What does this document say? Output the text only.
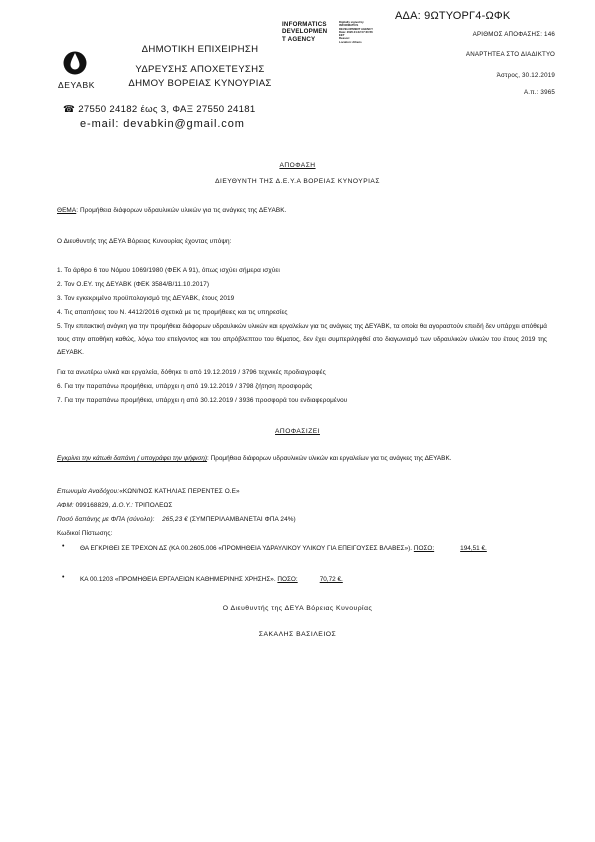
ΑΔΑ: 9ΩΤΥΟΡΓ4-ΩΦΚ
INFORMATICS
DEVELOPMEN
T AGENCY
Digitally signed by
INFORMATICS
DEVELOPMENT AGENCY
Date: 2020.01.02 07:30:56
EET
Reason:
Location: Athens
ΔΕΥΑΒΚ
ΔΗΜΟΤΙΚΗ ΕΠΙΧΕΙΡΗΣΗ
ΥΔΡΕΥΣΗΣ ΑΠΟΧΕΤΕΥΣΗΣ
ΔΗΜΟΥ ΒΟΡΕΙΑΣ ΚΥΝΟΥΡΙΑΣ
☎ 27550 24182 έως 3, ΦΑΞ 27550 24181
e-mail: devabkin@gmail.com
ΑΡΙΘΜΟΣ ΑΠΟΦΑΣΗΣ: 146
ΑΝΑΡΤΗΤΕΑ ΣΤΟ ΔΙΑΔΙΚΤΥΟ
Άστρος, 30.12.2019
Α.π.: 3965
ΑΠΟΦΑΣΗ
ΔΙΕΥΘΥΝΤΗ ΤΗΣ Δ.Ε.Υ.Α ΒΟΡΕΙΑΣ ΚΥΝΟΥΡΙΑΣ
ΘΕΜΑ: Προμήθεια διάφορων υδραυλικών υλικών για τις ανάγκες της ΔΕΥΑΒΚ.
Ο Διευθυντής της ΔΕΥΑ Βόρειας Κυνουρίας έχοντας υπόψη:
1. Το άρθρο 6 του Νόμου 1069/1980 (ΦΕΚ Α 91), όπως ισχύει σήμερα ισχύει
2. Τον Ο.ΕΥ. της ΔΕΥΑΒΚ (ΦΕΚ 3584/Β/11.10.2017)
3. Τον εγκεκριμένο προϋπολογισμό της ΔΕΥΑΒΚ, έτους 2019
4. Τις απαιτήσεις του Ν. 4412/2016 σχετικά με τις προμήθειες και τις υπηρεσίες
5. Την επιτακτική ανάγκη για την προμήθεια διάφορων υδραυλικών υλικών και εργαλείων για τις ανάγκες της ΔΕΥΑΒΚ, τα οποία θα αγοραστούν επειδή δεν υπάρχει απόθεμά τους στην αποθήκη καθώς, λόγω του επείγοντος και του απρόβλεπτου του θέματος, δεν έχει συμπεριληφθεί στο διαγωνισμό των υδραυλικών υλικών του έτους 2019 της ΔΕΥΑΒΚ.
Για τα ανωτέρω υλικά και εργαλεία, δόθηκε τι από 19.12.2019 / 3796 τεχνικές προδιαγραφές
6. Για την παραπάνω προμήθεια, υπάρχει η από 19.12.2019 / 3798 ζήτηση προσφοράς
7. Για την παραπάνω προμήθεια, υπάρχει η από 30.12.2019 / 3936 προσφορά του ενδιαφερομένου
ΑΠΟΦΑΣΙΖΕΙ
Εγκρίνει την κάτωθι δαπάνη ( υπογράφει την ψήφιση): Προμήθεια διάφορων υδραυλικών υλικών και εργαλείων για τις ανάγκες της ΔΕΥΑΒΚ.
Επωνυμία Αναδόχου:«ΚΩΝ/ΝΟΣ ΚΑΤΗΛΙΑΣ ΠΕΡΕΝΤΕΣ Ο.Ε»
ΑΦΜ: 099168829, Δ.Ο.Υ.: ΤΡΙΠΟΛΕΩΣ
Ποσό δαπάνης με ΦΠΑ (σύνολο): 265,23 € (ΣΥΜΠΕΡΙΛΑΜΒΑΝΕΤΑΙ ΦΠΑ 24%)
Κωδικοί Πίστωσης:
• ΘΑ ΕΓΚΡΙΘΕΙ ΣΕ ΤΡΕΧΟΝ ΔΣ (ΚΑ 00.2605.006 «ΠΡΟΜΗΘΕΙΑ ΥΔΡΑΥΛΙΚΟΥ ΥΛΙΚΟΥ ΓΙΑ ΕΠΕΙΓΟΥΣΕΣ ΒΛΑΒΕΣ»). ΠΟΣΟ:	194,51 €.
• ΚΑ 00.1203 «ΠΡΟΜΗΘΕΙΑ ΕΡΓΑΛΕΙΩΝ ΚΑΘΗΜΕΡΙΝΗΣ ΧΡΗΣΗΣ». ΠΟΣΟ:	70,72 €.
Ο Διευθυντής της ΔΕΥΑ Βόρειας Κυνουρίας
ΣΑΚΑΛΗΣ ΒΑΣΙΛΕΙΟΣ
